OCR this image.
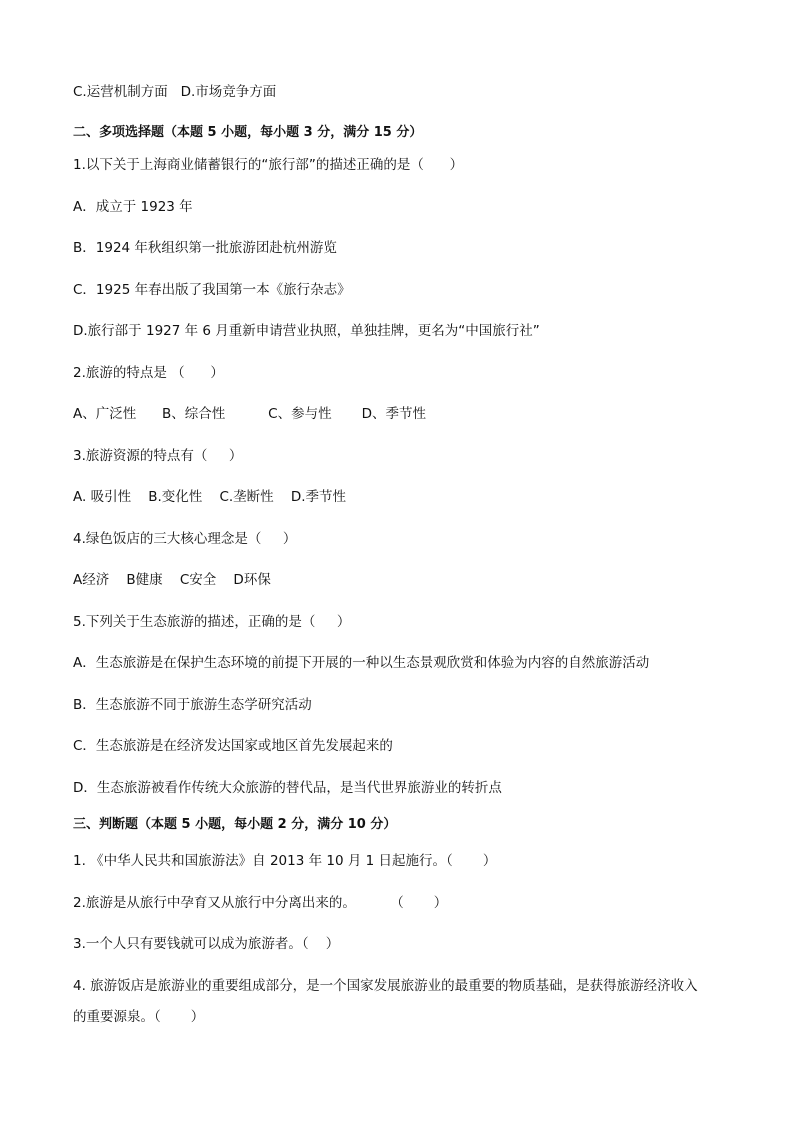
C.运营机制方面   D.市场竞争方面
二、多项选择题（本题 5 小题，每小题 3 分，满分 15 分）
1.以下关于上海商业储蓄银行的“旅行部”的描述正确的是（      ）
A．成立于 1923 年
B．1924 年秋组织第一批旅游团赴杭州游览
C．1925 年春出版了我国第一本《旅行杂志》
D.旅行部于 1927 年 6 月重新申请营业执照，单独挂牌，更名为“中国旅行社”
2.旅游的特点是 （      ）
A、广泛性      B、综合性          C、参与性       D、季节性
3.旅游资源的特点有（     ）
A. 吸引性    B.变化性    C.垄断性    D.季节性
4.绿色饭店的三大核心理念是（     ）
A经济    B健康    C安全    D环保
5.下列关于生态旅游的描述，正确的是（     ）
A．生态旅游是在保护生态环境的前提下开展的一种以生态景观欣赏和体验为内容的自然旅游活动
B．生态旅游不同于旅游生态学研究活动
C．生态旅游是在经济发达国家或地区首先发展起来的
D．生态旅游被看作传统大众旅游的替代品，是当代世界旅游业的转折点
三、判断题（本题 5 小题，每小题 2 分，满分 10 分）
1. 《中华人民共和国旅游法》自 2013 年 10 月 1 日起施行。（       ）
2.旅游是从旅行中孕育又从旅行中分离出来的。        （       ）
3.一个人只有要钱就可以成为旅游者。（    ）
4. 旅游饭店是旅游业的重要组成部分，是一个国家发展旅游业的最重要的物质基础，是获得旅游经济收入
的重要源泉。（       ）
